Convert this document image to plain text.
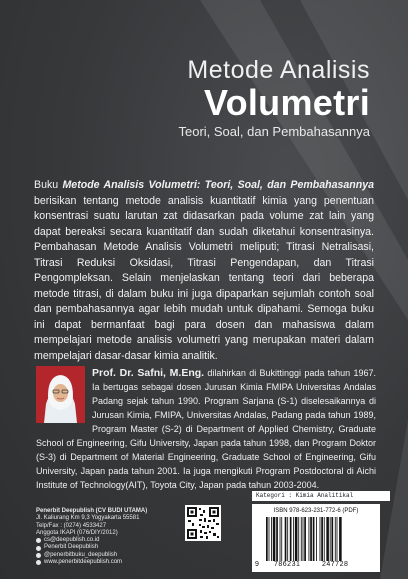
Metode Analisis
Volumetri
Teori, Soal, dan Pembahasannya
Buku Metode Analisis Volumetri: Teori, Soal, dan Pembahasannya berisikan tentang metode analisis kuantitatif kimia yang penentuan konsentrasi suatu larutan zat didasarkan pada volume zat lain yang dapat bereaksi secara kuantitatif dan sudah diketahui konsentrasinya. Pembahasan Metode Analisis Volumetri meliputi; Titrasi Netralisasi, Titrasi Reduksi Oksidasi, Titrasi Pengendapan, dan Titrasi Pengompleksan. Selain menjelaskan tentang teori dari beberapa metode titrasi, di dalam buku ini juga dipaparkan sejumlah contoh soal dan pembahasannya agar lebih mudah untuk dipahami. Semoga buku ini dapat bermanfaat bagi para dosen dan mahasiswa dalam mempelajari metode analisis volumetri yang merupakan materi dalam mempelajari dasar-dasar kimia analitik.
Prof. Dr. Safni, M.Eng. dilahirkan di Bukittinggi pada tahun 1967. Ia bertugas sebagai dosen Jurusan Kimia FMIPA Universitas Andalas Padang sejak tahun 1990. Program Sarjana (S-1) diselesaikannya di Jurusan Kimia, FMIPA, Universitas Andalas, Padang pada tahun 1989, Program Master (S-2) di Department of Applied Chemistry, Graduate School of Engineering, Gifu University, Japan pada tahun 1998, dan Program Doktor (S-3) di Department of Material Engineering, Graduate School of Engineering, Gifu University, Japan pada tahun 2001. Ia juga mengikuti Program Postdoctoral di Aichi Institute of Technology(AIT), Toyota City, Japan pada tahun 2003-2004.
Penerbit Deepublish (CV BUDI UTAMA)
Jl. Kaliurang Km 9,3 Yogyakarta 55581
Telp/Fax : (0274) 4533427
Anggota IKAPI (076/DIY/2012)
cs@deepublish.co.id
Penerbit Deepublish
@penerbitbuku_deepublish
www.penerbitdeepublish.com
Kategori : Kimia Analitikal
ISBN 978-623-231-772-6 (PDF)
9 786231	247728
